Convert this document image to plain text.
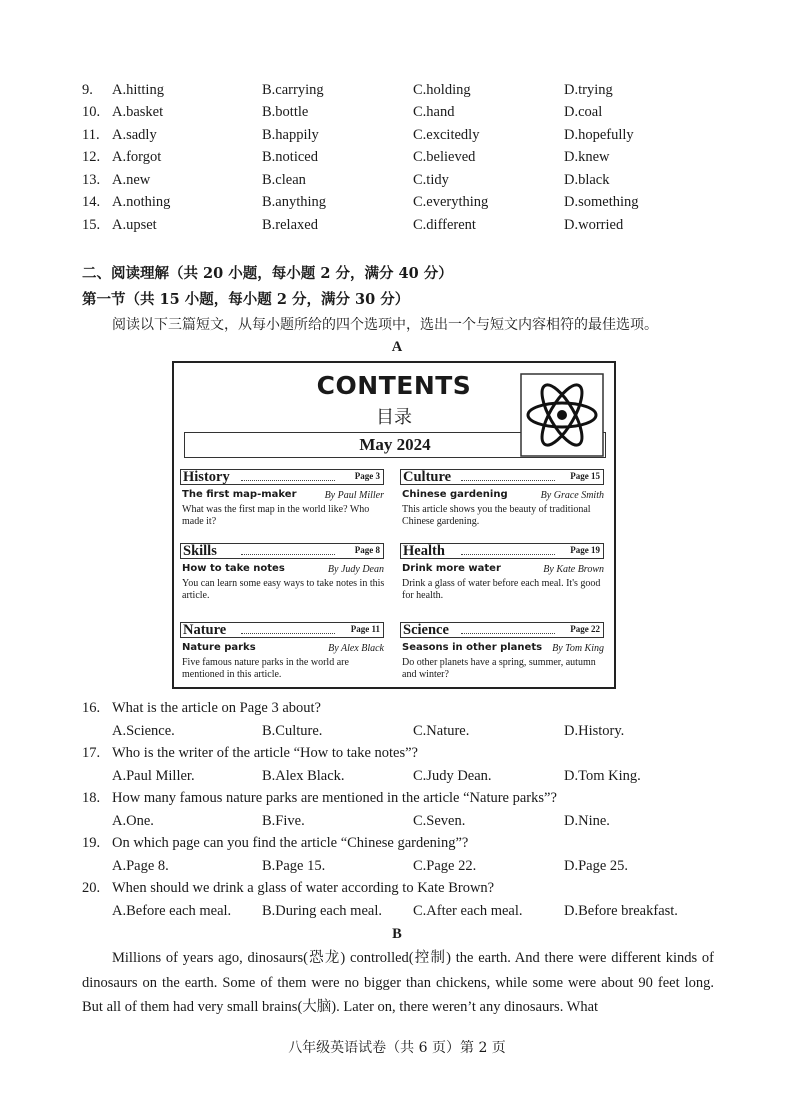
9. A.hitting	B.carrying	C.holding	D.trying
10. A.basket	B.bottle	C.hand	D.coal
11. A.sadly	B.happily	C.excitedly	D.hopefully
12. A.forgot	B.noticed	C.believed	D.knew
13. A.new	B.clean	C.tidy	D.black
14. A.nothing	B.anything	C.everything	D.something
15. A.upset	B.relaxed	C.different	D.worried
二、阅读理解（共 20 小题，每小题 2 分，满分 40 分）
第一节（共 15 小题，每小题 2 分，满分 30 分）
阅读以下三篇短文，从每小题所给的四个选项中，选出一个与短文内容相符的最佳选项。
A
CONTENTS
目录
May 2024
History	Page 3
The first map-maker	By Paul Miller
What was the first map in the world like? Who made it?
Skills	Page 8
How to take notes	By Judy Dean
You can learn some easy ways to take notes in this article.
Nature	Page 11
Nature parks	By Alex Black
Five famous nature parks in the world are mentioned in this article.
Culture	Page 15
Chinese gardening	By Grace Smith
This article shows you the beauty of traditional Chinese gardening.
Health	Page 19
Drink more water	By Kate Brown
Drink a glass of water before each meal. It's good for health.
Science	Page 22
Seasons in other planets By Tom King
Do other planets have a spring, summer, autumn and winter?
16. What is the article on Page 3 about?
A.Science.	B.Culture.	C.Nature.	D.History.
17. Who is the writer of the article “How to take notes”?
A.Paul Miller.	B.Alex Black.	C.Judy Dean.	D.Tom King.
18. How many famous nature parks are mentioned in the article “Nature parks”?
A.One.	B.Five.	C.Seven.	D.Nine.
19. On which page can you find the article “Chinese gardening”?
A.Page 8.	B.Page 15.	C.Page 22.	D.Page 25.
20. When should we drink a glass of water according to Kate Brown?
A.Before each meal. B.During each meal. C.After each meal.	D.Before breakfast.
B
Millions of years ago, dinosaurs(恐龙) controlled(控制) the earth. And there were different kinds of dinosaurs on the earth. Some of them were no bigger than chickens, while some were about 90 feet long. But all of them had very small brains(大脑). Later on, there weren’t any dinosaurs. What
八年级英语试卷（共 6 页）第 2 页
